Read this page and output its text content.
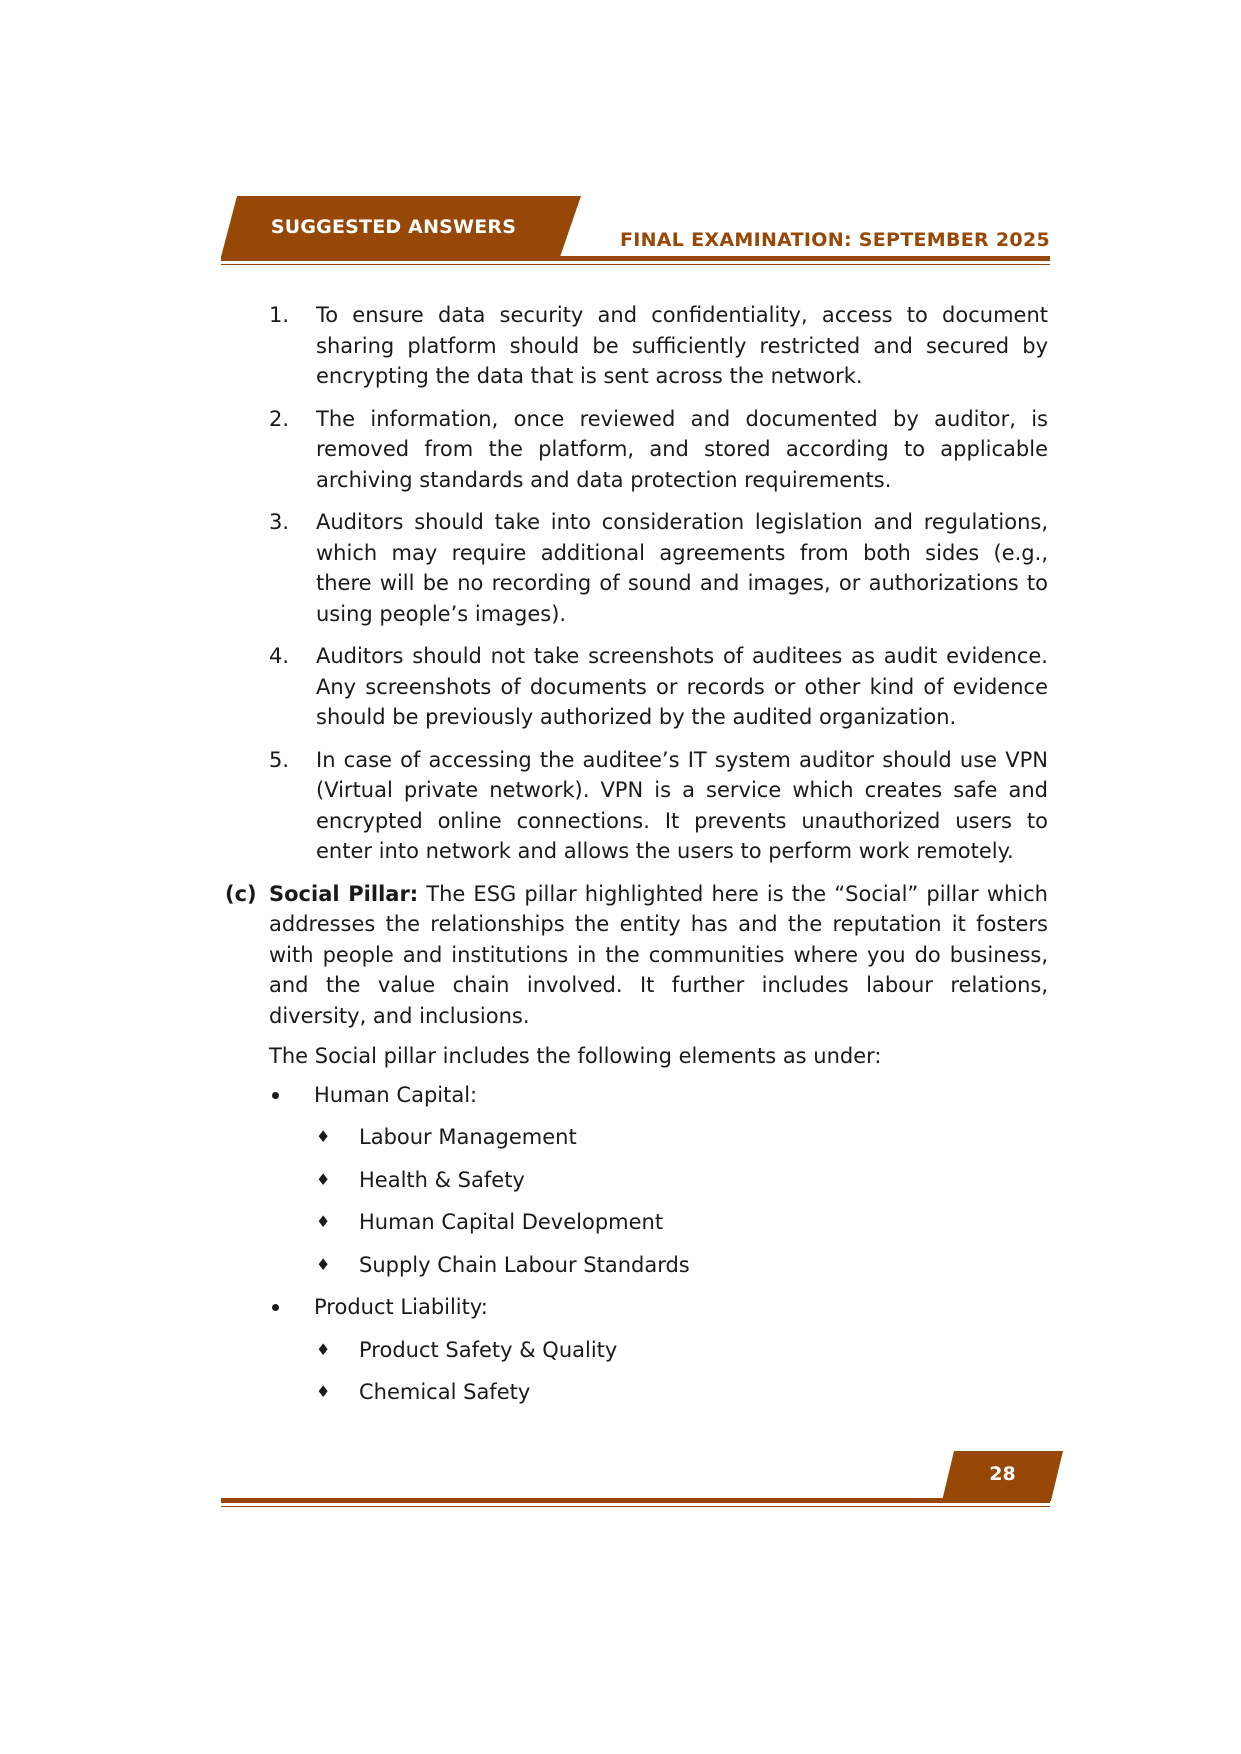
SUGGESTED ANSWERS
FINAL EXAMINATION: SEPTEMBER 2025
1. To ensure data security and confidentiality, access to document sharing platform should be sufficiently restricted and secured by encrypting the data that is sent across the network.
2. The information, once reviewed and documented by auditor, is removed from the platform, and stored according to applicable archiving standards and data protection requirements.
3. Auditors should take into consideration legislation and regulations, which may require additional agreements from both sides (e.g., there will be no recording of sound and images, or authorizations to using people’s images).
4. Auditors should not take screenshots of auditees as audit evidence. Any screenshots of documents or records or other kind of evidence should be previously authorized by the audited organization.
5. In case of accessing the auditee’s IT system auditor should use VPN (Virtual private network). VPN is a service which creates safe and encrypted online connections. It prevents unauthorized users to enter into network and allows the users to perform work remotely.
(c) Social Pillar: The ESG pillar highlighted here is the “Social” pillar which addresses the relationships the entity has and the reputation it fosters with people and institutions in the communities where you do business, and the value chain involved. It further includes labour relations, diversity, and inclusions.
The Social pillar includes the following elements as under:
Human Capital:
♦ Labour Management
♦ Health & Safety
♦ Human Capital Development
♦ Supply Chain Labour Standards
Product Liability:
♦ Product Safety & Quality
♦ Chemical Safety
28
